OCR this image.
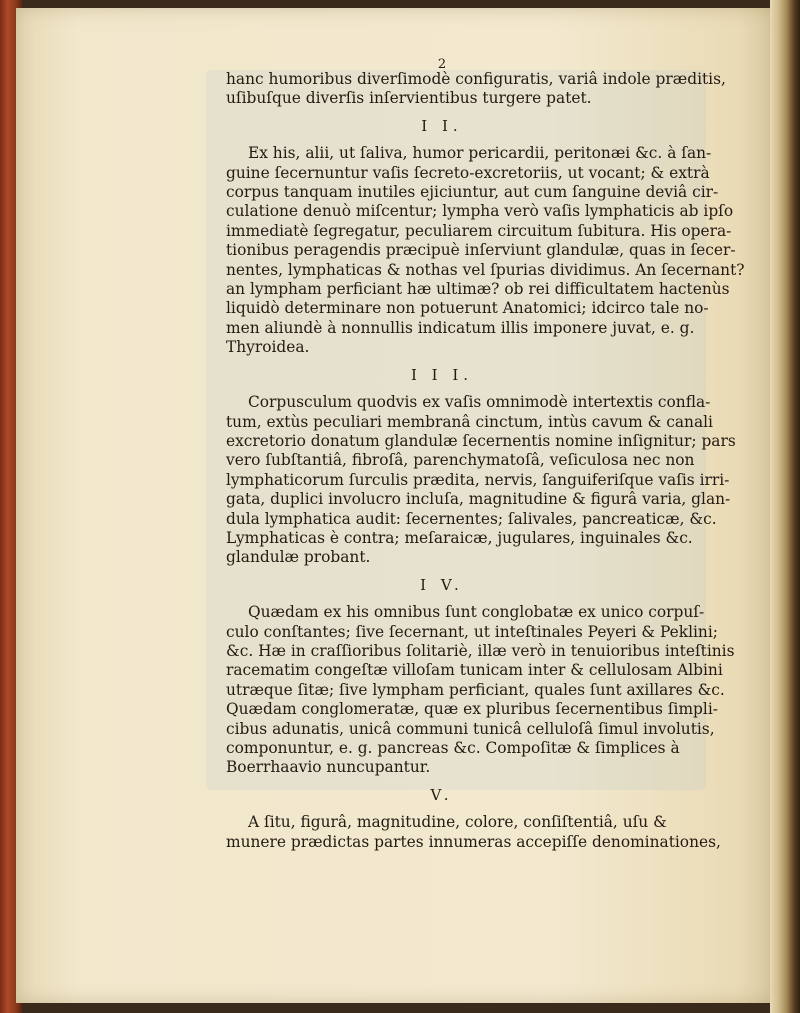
2

hanc humoribus diverſimodè configuratis, variâ indole præditis,
uſibuſque diverſis inſervientibus turgere patet.

I I.

Ex his, alii, ut ſaliva, humor pericardii, peritonæi &c. à ſan-
guine ſecernuntur vaſis ſecreto-excretoriis, ut vocant; & extrà
corpus tanquam inutiles ejiciuntur, aut cum ſanguine deviâ cir-
culatione denuò miſcentur; lympha verò vaſis lymphaticis ab ipſo
immediatè ſegregatur, peculiarem circuitum ſubitura. His opera-
tionibus peragendis præcipuè inſerviunt glandulæ, quas in ſecer-
nentes, lymphaticas & nothas vel ſpurias dividimus. An ſecernant?
an lympham perficiant hæ ultimæ? ob rei difficultatem hactenùs
liquidò determinare non potuerunt Anatomici; idcirco tale no-
men aliundè à nonnullis indicatum illis imponere juvat, e. g.
Thyroidea.

I I I.

Corpusculum quodvis ex vaſis omnimodè intertextis confla-
tum, extùs peculiari membranâ cinctum, intùs cavum & canali
excretorio donatum glandulæ ſecernentis nomine inſignitur; pars
vero ſubſtantiâ, fibroſâ, parenchymatoſâ, veſiculosa nec non
lymphaticorum ſurculis prædita, nervis, ſanguiferiſque vaſis irri-
gata, duplici involucro incluſa, magnitudine & figurâ varia, glan-
dula lymphatica audit: ſecernentes; ſalivales, pancreaticæ, &c.
Lymphaticas è contra; meſaraicæ, jugulares, inguinales &c.
glandulæ probant.

I V.

Quædam ex his omnibus ſunt conglobatæ ex unico corpuſ-
culo conſtantes; ſive ſecernant, ut inteſtinales Peyeri & Peklini;
&c. Hæ in craſſioribus ſolitariè, illæ verò in tenuioribus inteſtinis
racematim congeſtæ villoſam tunicam inter & cellulosam Albini
utræque ſitæ; ſive lympham perficiant, quales ſunt axillares &c.
Quædam conglomeratæ, quæ ex pluribus ſecernentibus ſimpli-
cibus adunatis, unicâ communi tunicâ celluloſâ ſimul involutis,
componuntur, e. g. pancreas &c. Compoſitæ & ſimplices à
Boerrhaavio nuncupantur.

V.

A ſitu, figurâ, magnitudine, colore, conſiſtentiâ, uſu &
munere prædictas partes innumeras accepiſſe denominationes,
